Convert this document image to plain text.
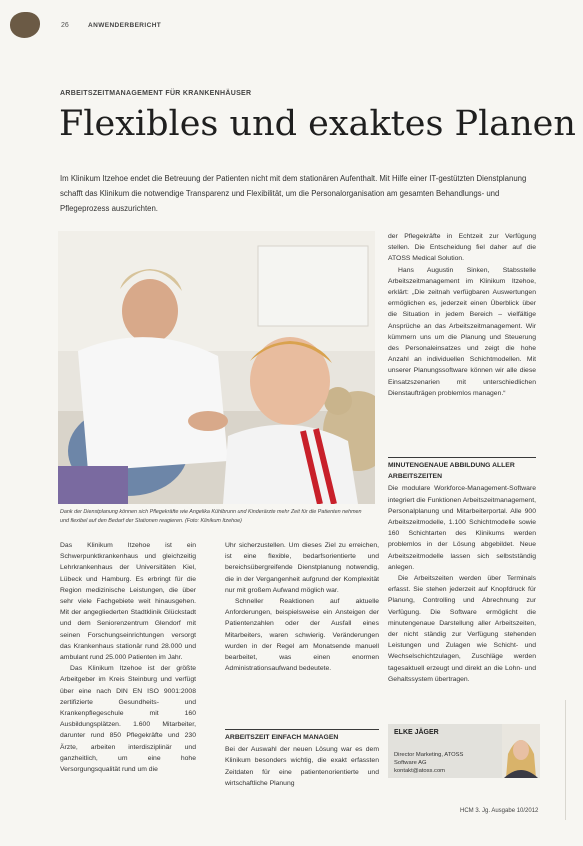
26	ANWENDERBERICHT
ARBEITSZEITMANAGEMENT FÜR KRANKENHÄUSER
Flexibles und exaktes Planen
Im Klinikum Itzehoe endet die Betreuung der Patienten nicht mit dem stationären Aufenthalt. Mit Hilfe einer IT-gestützten Dienstplanung schafft das Klinikum die notwendige Transparenz und Flexibilität, um die Personalorganisation am gesamten Behandlungs- und Pflegeprozess auszurichten.
Dank der Dienstplanung können sich Pflegekräfte wie Angelika Kühlbrunn und Kinderärzte mehr Zeit für die Patienten nehmen und flexibel auf den Bedarf der Stationen reagieren. (Foto: Klinikum Itzehoe)

Das Klinikum Itzehoe ist ein Schwerpunktkrankenhaus und gleichzeitig Lehrkrankenhaus der Universitäten Kiel, Lübeck und Hamburg. Es erbringt für die Region medizinische Leistungen, die über sehr viele Fachgebiete weit hinausgehen. Mit der angegliederten Stadtklinik Glückstadt und dem Seniorenzentrum Glendorf mit seinen Forschungseinrichtungen versorgt das Krankenhaus stationär rund 28.000 und ambulant rund 25.000 Patienten im Jahr.

Das Klinikum Itzehoe ist der größte Arbeitgeber im Kreis Steinburg und verfügt über eine nach DIN EN ISO 9001:2008 zertifizierte Gesundheits- und Krankenpflegeschule mit 160 Ausbildungsplätzen. 1.600 Mitarbeiter, darunter rund 850 Pflegekräfte und 230 Ärzte, arbeiten interdisziplinär und ganzheitlich, um eine hohe Versorgungsqualität rund um die

Uhr sicherzustellen. Um dieses Ziel zu erreichen, ist eine flexible, bedarfsorientierte und bereichsübergreifende Dienstplanung notwendig, die in der Vergangenheit aufgrund der Komplexität nur mit großem Aufwand möglich war.

Schneller Reaktionen auf aktuelle Anforderungen, beispielsweise ein Ansteigen der Patientenzahlen oder der Ausfall eines Mitarbeiters, waren schwierig. Veränderungen wurden in der Regel am Monatsende manuell bearbeitet, was einen enormen Administrationsaufwand bedeutete.

ARBEITSZEIT EINFACH MANAGEN

Bei der Auswahl der neuen Lösung war es dem Klinikum besonders wichtig, die exakt erfassten Zeitdaten für eine patientenorientierte und wirtschaftliche Planung

der Pflegekräfte in Echtzeit zur Verfügung stellen. Die Entscheidung fiel daher auf die ATOSS Medical Solution.

Hans Augustin Sinken, Stabsstelle Arbeitszeitmanagement im Klinikum Itzehoe, erklärt: „Die zeitnah verfügbaren Auswertungen ermöglichen es, jederzeit einen Überblick über die Situation in jedem Bereich – vielfältige Ansprüche an das Arbeitszeitmanagement. Wir kümmern uns um die Planung und Steuerung des Personaleinsatzes und zeigt die hohe Anzahl an individuellen Schichtmodellen. Mit unserer Planungssoftware können wir alle diese Einsatzszenarien mit unterschiedlichen Dienstaufträgen problemlos managen.“

MINUTENGENAUE ABBILDUNG ALLER ARBEITSZEITEN

Die modulare Workforce-Management-Software integriert die Funktionen Arbeitszeitmanagement, Personalplanung und Mitarbeiterportal. Alle 900 Arbeitszeitmodelle, 1.100 Schichtmodelle sowie 160 Schichtarten des Klinikums werden problemlos in der Lösung abgebildet. Neue Arbeitszeitmodelle lassen sich selbstständig anlegen.

Die Arbeitszeiten werden über Terminals erfasst. Sie stehen jederzeit auf Knopfdruck für Planung, Controlling und Abrechnung zur Verfügung. Die Software ermöglicht die minutengenaue Darstellung aller Arbeitszeiten, der nicht ständig zur Verfügung stehenden Leistungen und Zulagen wie Schicht- und Wechselschichtzulagen, Zuschläge werden tagesaktuell erzeugt und direkt an die Lohn- und Gehaltssystem übertragen.

ELKE JÄGER
Director Marketing, ATOSS
Software AG
kontakt@atoss.com
HCM 3. Jg. Ausgabe 10/2012
